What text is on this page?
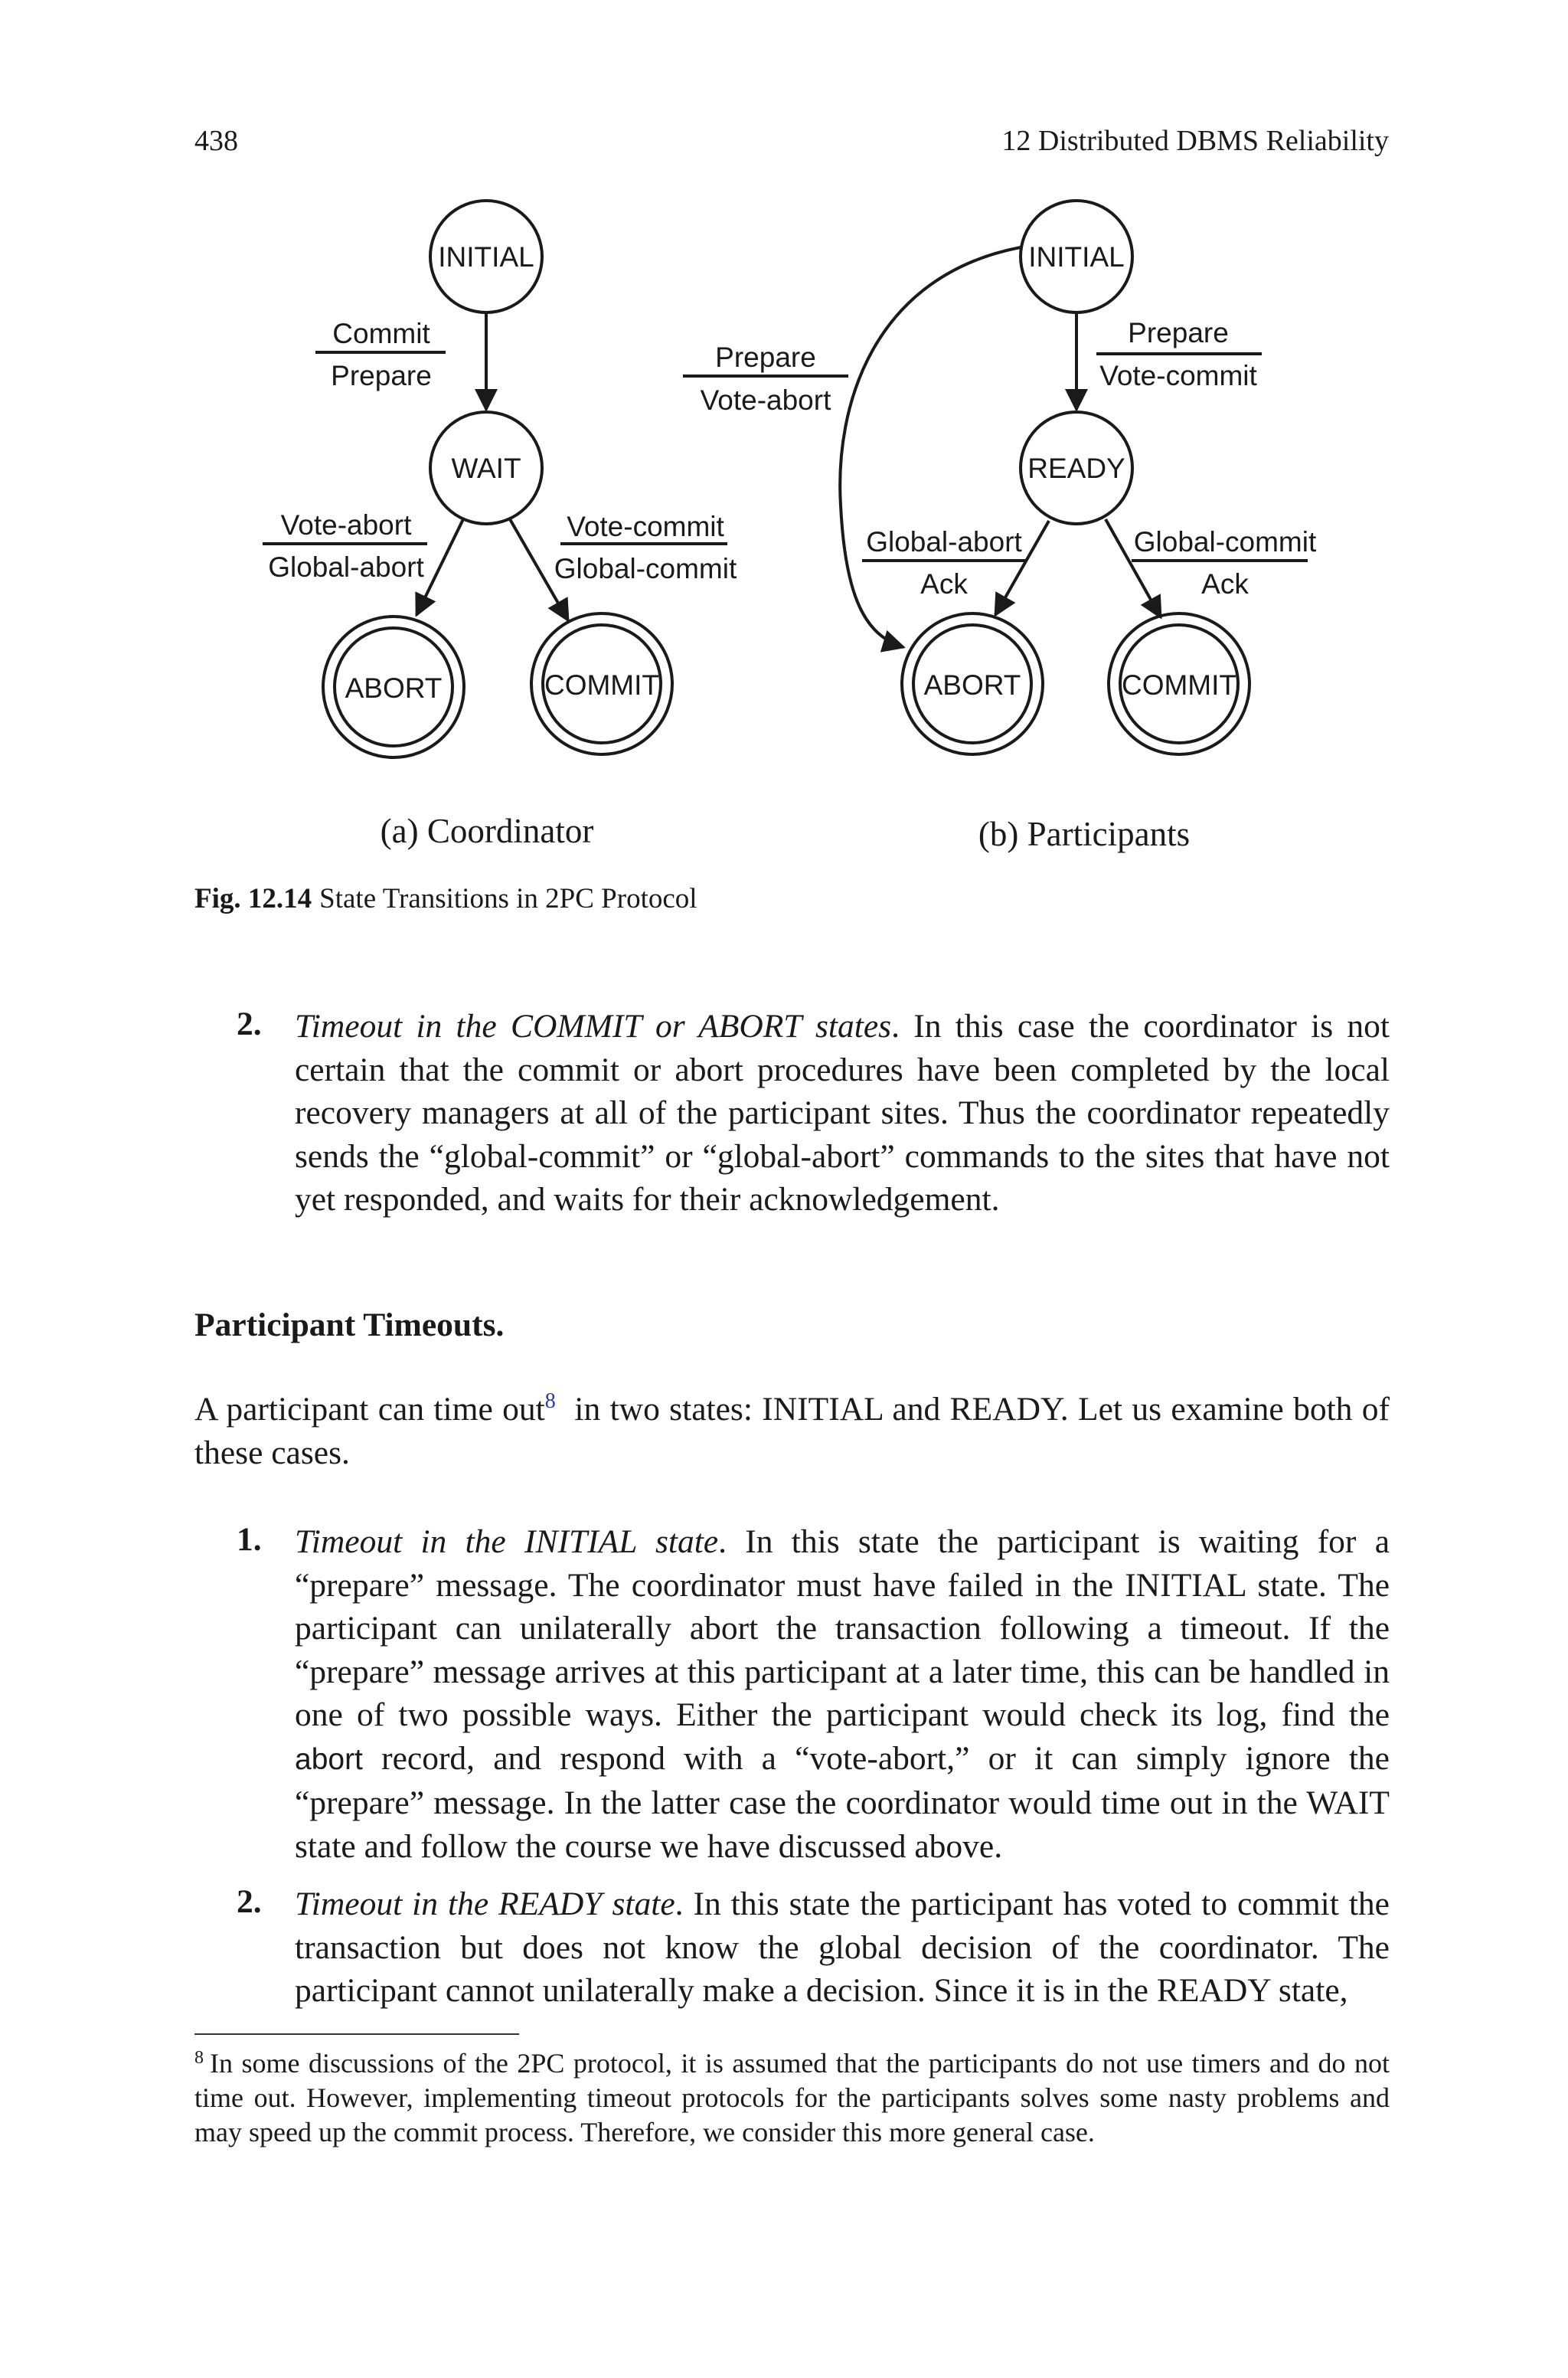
438	12 Distributed DBMS Reliability
INITIAL
WAIT
ABORT	COMMIT
Commit
Prepare
Vote-abort
Global-abort
Vote-commit
Global-commit
INITIAL
READY
ABORT	COMMIT
Prepare
Vote-commit
Prepare
Vote-abort
Global-abort
Ack
Global-commit
Ack
(a) Coordinator	(b) Participants
Fig. 12.14 State Transitions in 2PC Protocol
2. Timeout in the COMMIT or ABORT states. In this case the coordinator is not certain that the commit or abort procedures have been completed by the local recovery managers at all of the participant sites. Thus the coordinator repeatedly sends the “global-commit” or “global-abort” commands to the sites that have not yet responded, and waits for their acknowledgement.
Participant Timeouts.
A participant can time out$^8$  in two states: INITIAL and READY. Let us examine both of these cases.
1. Timeout in the INITIAL state. In this state the participant is waiting for a “prepare” message. The coordinator must have failed in the INITIAL state. The participant can unilaterally abort the transaction following a timeout. If the “prepare” message arrives at this participant at a later time, this can be handled in one of two possible ways. Either the participant would check its log, find the abort record, and respond with a “vote-abort,” or it can simply ignore the “prepare” message. In the latter case the coordinator would time out in the WAIT state and follow the course we have discussed above.
2. Timeout in the READY state. In this state the participant has voted to commit the transaction but does not know the global decision of the coordinator. The participant cannot unilaterally make a decision. Since it is in the READY state,
$^8$ In some discussions of the 2PC protocol, it is assumed that the participants do not use timers and do not time out. However, implementing timeout protocols for the participants solves some nasty problems and may speed up the commit process. Therefore, we consider this more general case.
